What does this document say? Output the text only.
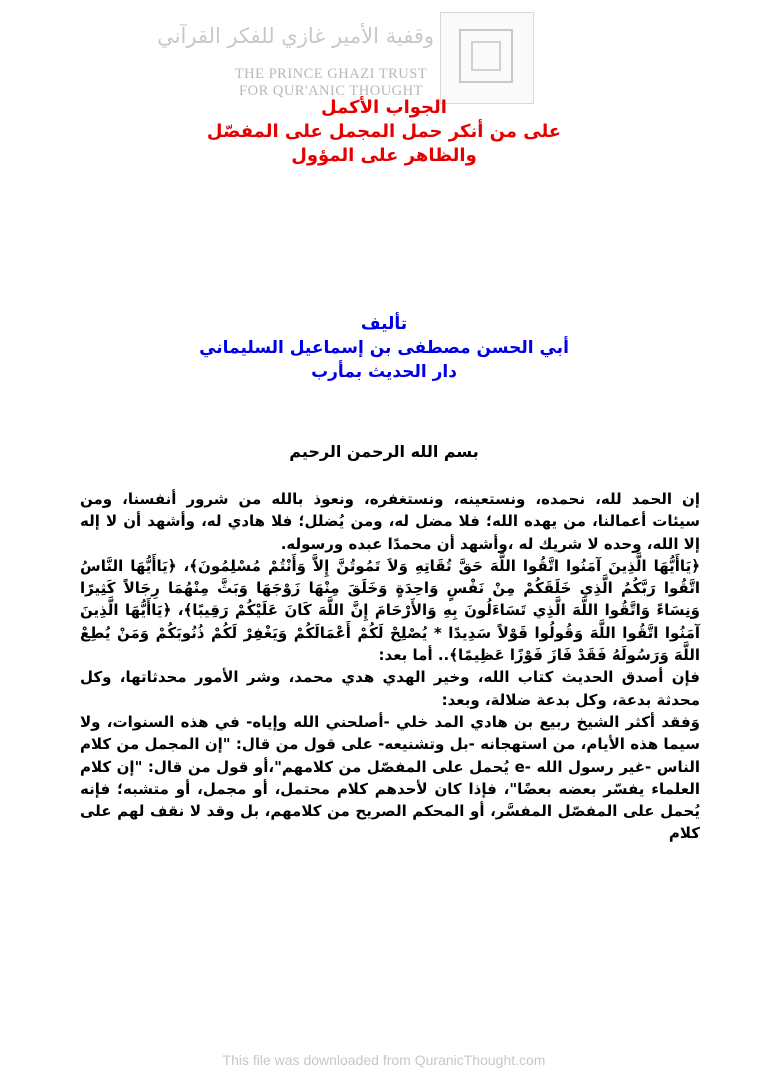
وقفية الأمير غازي للفكر القرآني
THE PRINCE GHAZI TRUST
FOR QUR'ANIC THOUGHT
الجواب الأكمل
على من أنكر حمل المجمل على المفصّل
والظاهر على المؤول
تأليف
أبي الحسن مصطفى بن إسماعيل السليماني
دار الحديث بمأرب
بسم الله الرحمن الرحيم

إن الحمد لله، نحمده، ونستعينه، ونستغفره، ونعوذ بالله من شرور أنفسنا، ومن سيئات أعمالنا، من يهده الله؛ فلا مضل له، ومن يُضلل؛ فلا هادي له، وأشهد أن لا إله إلا الله، وحده لا شريك له ،وأشهد أن محمدًا عبده ورسوله.

﴿يَاأَيُّهَا الَّذِينَ آمَنُوا اتَّقُوا اللَّهَ حَقَّ تُقَاتِهِ وَلاَ تَمُوتُنَّ إِلاَّ وَأَنْتُمْ مُسْلِمُونَ﴾، ﴿يَاأَيُّهَا النَّاسُ اتَّقُوا رَبَّكُمُ الَّذِي خَلَقَكُمْ مِنْ نَفْسٍ وَاحِدَةٍ وَخَلَقَ مِنْهَا زَوْجَهَا وَبَثَّ مِنْهُمَا رِجَالاً كَثِيرًا وَنِسَاءً وَاتَّقُوا اللَّهَ الَّذِي تَسَاءَلُونَ بِهِ وَالأَرْحَامَ إِنَّ اللَّهَ كَانَ عَلَيْكُمْ رَقِيبًا﴾، ﴿يَاأَيُّهَا الَّذِينَ آمَنُوا اتَّقُوا اللَّهَ وَقُولُوا قَوْلاً سَدِيدًا * يُصْلِحْ لَكُمْ أَعْمَالَكُمْ وَيَغْفِرْ لَكُمْ ذُنُوبَكُمْ وَمَنْ يُطِعْ اللَّهَ وَرَسُولَهُ فَقَدْ فَازَ فَوْزًا عَظِيمًا﴾.. أما بعد:

فإن أصدق الحديث كتاب الله، وخير الهدي هدي محمد، وشر الأمور محدثاتها، وكل محدثة بدعة، وكل بدعة ضلالة، وبعد:

وَفقد أكثر الشيخ ربيع بن هادي المد خلي -أصلحني الله وإياه- في هذه السنوات، ولا سيما هذه الأيام، من استهجانه -بل وتشنيعه- على قول من قال: "إن المجمل من كلام الناس -غير رسول الله -e يُحمل على المفصّل من كلامهم"،أو قول من قال: "إن كلام العلماء يفسّر بعضه بعضًا"، فإذا كان لأحدهم كلام محتمل، أو مجمل، أو متشبه؛ فإنه يُحمل على المفصّل المفسَّر، أو المحكم الصريح من كلامهم، بل وقد لا نقف لهم على كلام

This file was downloaded from QuranicThought.com
